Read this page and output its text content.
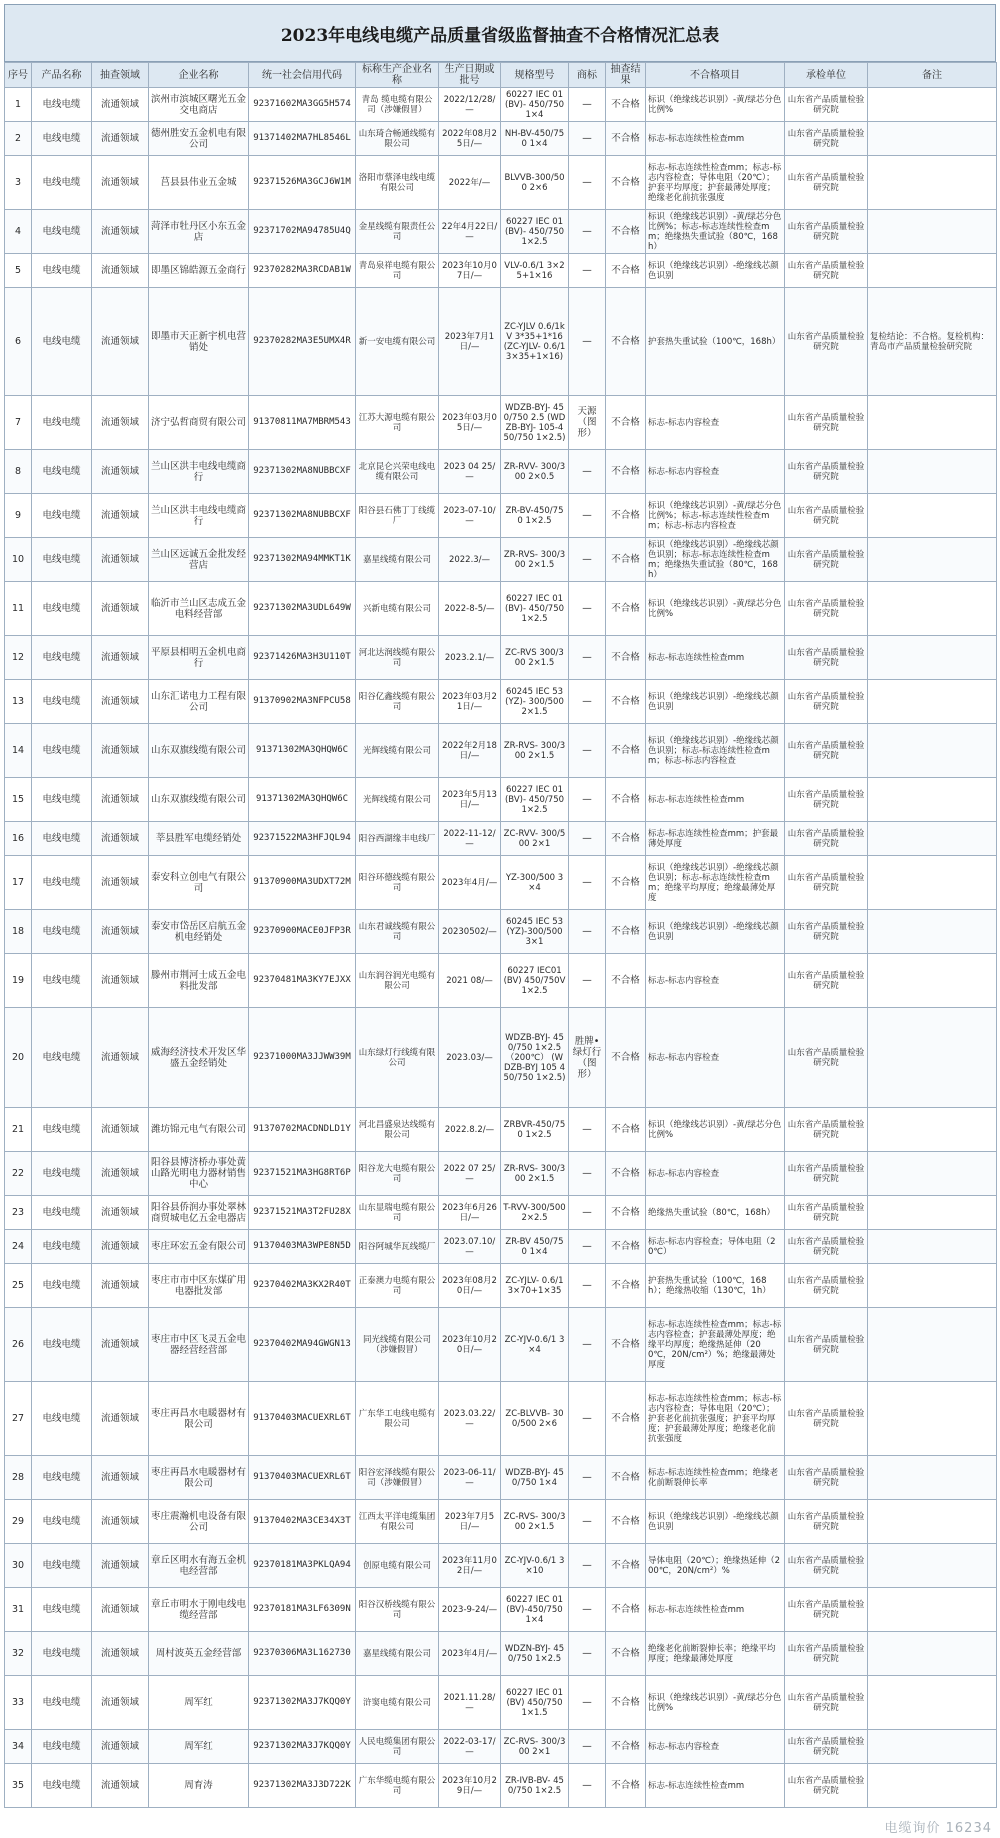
2023年电线电缆产品质量省级监督抽查不合格情况汇总表
序号	产品名称	抽查领域	企业名称	统一社会信用代码	标称生产企业名称	生产日期或批号	规格型号	商标	抽查结果	不合格项目	承检单位	备注
1	电线电缆	流通领域	滨州市滨城区曙光五金交电商店	92371602MA3GG5H574	青岛 缆电缆有限公司（涉嫌假冒）	2022/12/28/—	60227 IEC 01(BV)- 450/750 1×4	—	不合格	标识（绝缘线芯识别）-黄/绿芯分色比例%	山东省产品质量检验研究院	
2	电线电缆	流通领域	德州胜安五金机电有限公司	91371402MA7HL8546L	山东琦合畅通线缆有限公司	2022年08月25日/—	NH-BV-450/750 1×4	—	不合格	标志-标志连续性检查mm	山东省产品质量检验研究院	
3	电线电缆	流通领域	莒县县伟业五金城	92371526MA3GCJ6W1M	洛阳市蔡泽电线电缆有限公司	2022年/—	BLVVB-300/500 2×6	—	不合格	标志-标志连续性检查mm；标志-标志内容检查；导体电阻（20℃）；护套平均厚度；护套最薄处厚度；绝缘老化前抗张强度	山东省产品质量检验研究院	
4	电线电缆	流通领域	菏泽市牡丹区小东五金店	92371702MA94785U4Q	金星线缆有限责任公司	22年4月22日/—	60227 IEC 01 (BV)- 450/750 1×2.5	—	不合格	标识（绝缘线芯识别）-黄/绿芯分色比例%；标志-标志连续性检查mm；绝缘热失重试验（80℃，168h）	山东省产品质量检验研究院	
5	电线电缆	流通领域	即墨区锦皓源五金商行	92370282MA3RCDAB1W	青岛泉祥电缆有限公司	2023年10月07日/—	VLV-0.6/1 3×25+1×16	—	不合格	标识（绝缘线芯识别）-绝缘线芯颜色识别	山东省产品质量检验研究院	
6	电线电缆	流通领域	即墨市天正新宇机电营销处	92370282MA3E5UMX4R	新一安电缆有限公司	2023年7月1日/—	ZC-YJLV 0.6/1kV 3*35+1*16 (ZC-YJLV- 0.6/1 3×35+1×16)	—	不合格	护套热失重试验（100℃，168h）	山东省产品质量检验研究院	复检结论：不合格。复检机构：青岛市产品质量检验研究院
7	电线电缆	流通领域	济宁弘哲商贸有限公司	91370811MA7MBRM543	江苏大源电缆有限公司	2023年03月05日/—	WDZB-BYJ- 450/750 2.5 (WDZB-BYJ- 105-450/750 1×2.5)	天源（图形）	不合格	标志-标志内容检查	山东省产品质量检验研究院	
8	电线电缆	流通领域	兰山区洪丰电线电缆商行	92371302MA8NUBBCXF	北京昆仑兴荣电线电缆有限公司	2023 04 25/—	ZR-RVV- 300/300 2×0.5	—	不合格	标志-标志内容检查	山东省产品质量检验研究院	
9	电线电缆	流通领域	兰山区洪丰电线电缆商行	92371302MA8NUBBCXF	阳谷县石佛丁丁线缆厂	2023-07-10/—	ZR-BV-450/750 1×2.5	—	不合格	标识（绝缘线芯识别）-黄/绿芯分色比例%；标志-标志连续性检查mm；标志-标志内容检查	山东省产品质量检验研究院	
10	电线电缆	流通领域	兰山区远诚五金批发经营店	92371302MA94MMKT1K	嘉星线缆有限公司	2022.3/—	ZR-RVS- 300/300 2×1.5	—	不合格	标识（绝缘线芯识别）-绝缘线芯颜色识别；标志-标志连续性检查mm；绝缘热失重试验（80℃，168h）	山东省产品质量检验研究院	
11	电线电缆	流通领域	临沂市兰山区志成五金电料经营部	92371302MA3UDL649W	兴新电缆有限公司	2022-8-5/—	60227 IEC 01 (BV)- 450/750 1×2.5	—	不合格	标识（绝缘线芯识别）-黄/绿芯分色比例%	山东省产品质量检验研究院	
12	电线电缆	流通领域	平原县相明五金机电商行	92371426MA3H3U110T	河北达润线缆有限公司	2023.2.1/—	ZC-RVS 300/300 2×1.5	—	不合格	标志-标志连续性检查mm	山东省产品质量检验研究院	
13	电线电缆	流通领域	山东汇诺电力工程有限公司	91370902MA3NFPCU58	阳谷亿鑫线缆有限公司	2023年03月21日/—	60245 IEC 53(YZ)- 300/500 2×1.5	—	不合格	标识（绝缘线芯识别）-绝缘线芯颜色识别	山东省产品质量检验研究院	
14	电线电缆	流通领域	山东双旗线缆有限公司	91371302MA3QHQW6C	光辉线缆有限公司	2022年2月18日/—	ZR-RVS- 300/300 2×1.5	—	不合格	标识（绝缘线芯识别）-绝缘线芯颜色识别；标志-标志连续性检查mm；标志-标志内容检查	山东省产品质量检验研究院	
15	电线电缆	流通领域	山东双旗线缆有限公司	91371302MA3QHQW6C	光辉线缆有限公司	2023年5月13日/—	60227 IEC 01 (BV)- 450/750 1×2.5	—	不合格	标志-标志连续性检查mm	山东省产品质量检验研究院	
16	电线电缆	流通领域	莘县胜军电缆经销处	92371522MA3HFJQL94	阳谷西湖缘丰电线厂	2022-11-12/—	ZC-RVV- 300/500 2×1	—	不合格	标志-标志连续性检查mm；护套最薄处厚度	山东省产品质量检验研究院	
17	电线电缆	流通领域	泰安科立创电气有限公司	91370900MA3UDXT72M	阳谷环德线缆有限公司	2023年4月/—	YZ-300/500 3×4	—	不合格	标识（绝缘线芯识别）-绝缘线芯颜色识别；标志-标志连续性检查mm；绝缘平均厚度；绝缘最薄处厚度	山东省产品质量检验研究院	
18	电线电缆	流通领域	泰安市岱岳区启航五金机电经销处	92370900MACE0JFP3R	山东君诚线缆有限公司	20230502/—	60245 IEC 53 (YZ)-300/500 3×1	—	不合格	标识（绝缘线芯识别）-绝缘线芯颜色识别	山东省产品质量检验研究院	
19	电线电缆	流通领域	滕州市荆河士成五金电料批发部	92370481MA3KY7EJXX	山东润谷润光电缆有限公司	2021 08/—	60227 IEC01 (BV) 450/750V 1×2.5	—	不合格	标志-标志内容检查	山东省产品质量检验研究院	
20	电线电缆	流通领域	威海经济技术开发区华盛五金经销处	92371000MA3JJWW39M	山东绿灯行线缆有限公司	2023.03/—	WDZB-BYJ- 450/750 1×2.5（200℃） (WDZB-BYJ 105 450/750 1×2.5)	胜牌•绿灯行（图形）	不合格	标志-标志内容检查	山东省产品质量检验研究院	
21	电线电缆	流通领域	潍坊锦元电气有限公司	91370702MACDNDLD1Y	河北昌盛泉达线缆有限公司	2022.8.2/—	ZRBVR-450/750 1×2.5	—	不合格	标识（绝缘线芯识别）-黄/绿芯分色比例%	山东省产品质量检验研究院	
22	电线电缆	流通领域	阳谷县博济桥办事处黄山路光明电力器材销售中心	92371521MA3HG8RT6P	阳谷龙大电缆有限公司	2022 07 25/—	ZR-RVS- 300/300 2×1.5	—	不合格	标志-标志内容检查	山东省产品质量检验研究院	
23	电线电缆	流通领域	阳谷县侨润办事处翠林商贸城电亿五金电器店	92371521MA3T2FU28X	山东显瑞电缆有限公司	2023年6月26日/—	T-RVV-300/500 2×2.5	—	不合格	绝缘热失重试验（80℃，168h）	山东省产品质量检验研究院	
24	电线电缆	流通领域	枣庄环宏五金有限公司	91370403MA3WPE8N5D	阳谷阿城华瓦线缆厂	2023.07.10/—	ZR-BV 450/750 1×4	—	不合格	标志-标志内容检查；导体电阻（20℃）	山东省产品质量检验研究院	
25	电线电缆	流通领域	枣庄市市中区东煤矿用电器批发部	92370402MA3KX2R40T	正泰澳力电缆有限公司	2023年08月20日/—	ZC-YJLV- 0.6/1 3×70+1×35	—	不合格	护套热失重试验（100℃，168h）；绝缘热收缩（130℃，1h）	山东省产品质量检验研究院	
26	电线电缆	流通领域	枣庄市中区飞灵五金电器经营经营部	92370402MA94GWGN13	同光线缆有限公司（涉嫌假冒）	2023年10月20日/—	ZC-YJV-0.6/1 3×4	—	不合格	标志-标志连续性检查mm；标志-标志内容检查；护套最薄处厚度；绝缘平均厚度；绝缘热延伸（200℃，20N/cm²）%；绝缘最薄处厚度	山东省产品质量检验研究院	
27	电线电缆	流通领域	枣庄再昌水电暖器材有限公司	91370403MACUEXRL6T	广东华工电线电缆有限公司	2023.03.22/—	ZC-BLVVB- 300/500 2×6	—	不合格	标志-标志连续性检查mm；标志-标志内容检查；导体电阻（20℃）；护套老化前抗张强度；护套平均厚度；护套最薄处厚度；绝缘老化前抗张强度	山东省产品质量检验研究院	
28	电线电缆	流通领域	枣庄再昌水电暖器材有限公司	91370403MACUEXRL6T	阳谷宏泽线缆有限公司（涉嫌假冒）	2023-06-11/—	WDZB-BYJ- 450/750 1×4	—	不合格	标志-标志连续性检查mm；绝缘老化前断裂伸长率	山东省产品质量检验研究院	
29	电线电缆	流通领域	枣庄震瀚机电设备有限公司	91370402MA3CE34X3T	江西太平洋电缆集团有限公司	2023年7月5日/—	ZC-RVS- 300/300 2×1.5	—	不合格	标识（绝缘线芯识别）-绝缘线芯颜色识别	山东省产品质量检验研究院	
30	电线电缆	流通领域	章丘区明水有海五金机电经营部	92370181MA3PKLQA94	创原电缆有限公司	2023年11月02日/—	ZC-YJV-0.6/1 3×10	—	不合格	导体电阻（20℃）；绝缘热延伸（200℃，20N/cm²）%	山东省产品质量检验研究院	
31	电线电缆	流通领域	章丘市明水于刚电线电缆经营部	92370181MA3LF6309N	阳谷汉桥线缆有限公司	2023-9-24/—	60227 IEC 01 (BV)-450/750 1×4	—	不合格	标志-标志连续性检查mm	山东省产品质量检验研究院	
32	电线电缆	流通领域	周村波英五金经营部	92370306MA3L162730	嘉星线缆有限公司	2023年4月/—	WDZN-BYJ- 450/750 1×2.5	—	不合格	绝缘老化前断裂伸长率；绝缘平均厚度；绝缘最薄处厚度	山东省产品质量检验研究院	
33	电线电缆	流通领域	周军红	92371302MA3J7KQQ0Y	浒窦电缆有限公司	2021.11.28/—	60227 IEC 01 (BV) 450/750 1×1.5	—	不合格	标识（绝缘线芯识别）-黄/绿芯分色比例%	山东省产品质量检验研究院	
34	电线电缆	流通领域	周军红	92371302MA3J7KQQ0Y	人民电缆集团有限公司	2022-03-17/—	ZC-RVS- 300/300 2×1	—	不合格	标志-标志内容检查	山东省产品质量检验研究院	
35	电线电缆	流通领域	周育涛	92371302MA3J3D722K	广东华缆电缆有限公司	2023年10月29日/—	ZR-IVB-BV- 450/750 1×2.5	—	不合格	标志-标志连续性检查mm	山东省产品质量检验研究院	
电缆询价 16234
